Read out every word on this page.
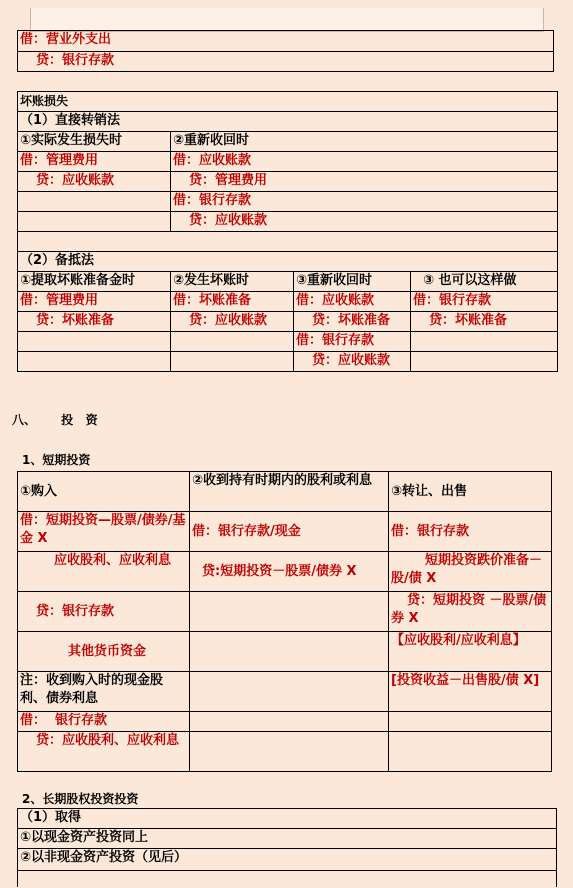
借：营业外支出
贷：银行存款
坏账损失			
（1）直接转销法			
①实际发生损失时	②重新收回时		
借：管理费用	借：应收账款		
贷：应收账款	贷：管理费用		
	借：银行存款		
	贷：应收账款		

（2）备抵法			
①提取坏账准备金时	②发生坏账时	③重新收回时	③ 也可以这样做
借：管理费用	借：坏账准备	借：应收账款	借：银行存款
贷：坏账准备	贷：应收账款	贷：坏账准备	贷：坏账准备
		借：银行存款	
		贷：应收账款	
八、      投   资
1、短期投资
①购入	②收到持有时期内的股利或利息	③转让、出售
借：短期投资—股票/债券/基金 X	借：银行存款/现金	借：银行存款
应收股利、应收利息	贷:短期投资－股票/债券 X	短期投资跌价准备－股/债 X
贷：银行存款		贷：短期投资 －股票/债券 X
其他货币资金		【应收股利/应收利息】
注：收到购入时的现金股利、债券利息		[投资收益－出售股/债 X]
借：  银行存款		
贷：应收股利、应收利息		
2、长期股权投资投资
（1）取得
①以现金资产投资同上
②以非现金资产投资（见后）
